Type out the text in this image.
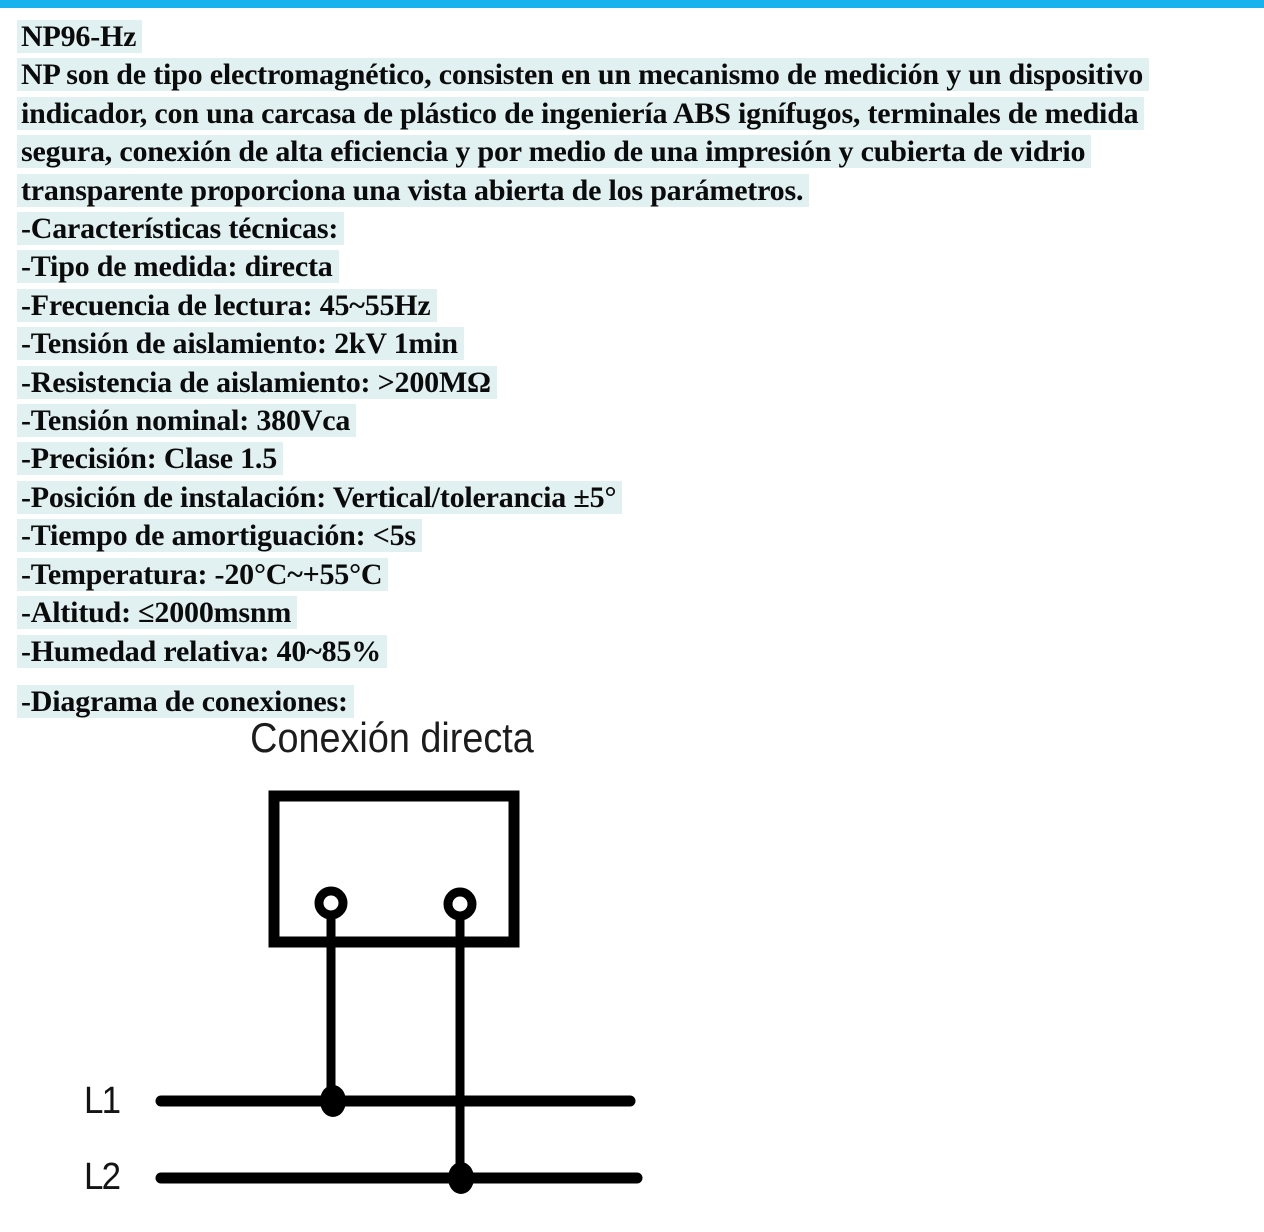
NP96-Hz
NP son de tipo electromagnético, consisten en un mecanismo de medición y un dispositivo
indicador, con una carcasa de plástico de ingeniería ABS ignífugos, terminales de medida
segura, conexión de alta eficiencia y por medio de una impresión y cubierta de vidrio
transparente proporciona una vista abierta de los parámetros.
-Características técnicas:
-Tipo de medida: directa
-Frecuencia de lectura: 45~55Hz
-Tensión de aislamiento: 2kV 1min
-Resistencia de aislamiento: >200MΩ
-Tensión nominal: 380Vca
-Precisión: Clase 1.5
-Posición de instalación: Vertical/tolerancia ±5°
-Tiempo de amortiguación: <5s
-Temperatura: -20°C~+55°C
-Altitud: ≤2000msnm
-Humedad relativa: 40~85%
-Diagrama de conexiones:
Conexión directa
L1
L2
